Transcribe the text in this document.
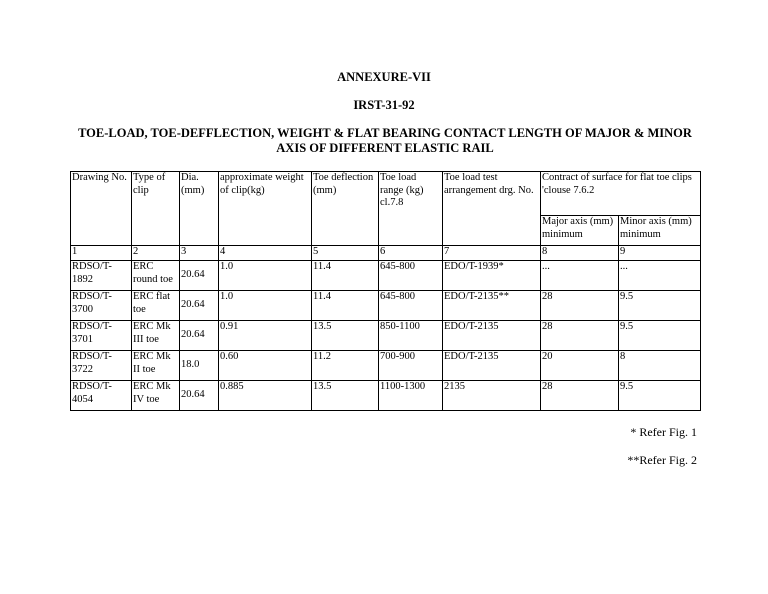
ANNEXURE-VII
IRST-31-92
TOE-LOAD, TOE-DEFFLECTION, WEIGHT & FLAT BEARING CONTACT LENGTH OF MAJOR & MINOR AXIS OF DIFFERENT ELASTIC RAIL
Drawing No.	Type of clip	Dia. (mm)	approximate weight of clip(kg)	Toe deflection (mm)	Toe load range (kg) cl.7.8	Toe load test arrangement drg. No.	Contract of surface for flat toe clips 'clouse 7.6.2	
							Major axis (mm) minimum	Minor axis (mm) minimum
1	2	3	4	5	6	7	8	9
RDSO/T-1892	ERC round toe	20.64	1.0	11.4	645-800	EDO/T-1939*	...	...
RDSO/T-3700	ERC flat toe	20.64	1.0	11.4	645-800	EDO/T-2135**	28	9.5
RDSO/T-3701	ERC Mk III toe	20.64	0.91	13.5	850-1100	EDO/T-2135	28	9.5
RDSO/T-3722	ERC Mk II toe	18.0	0.60	11.2	700-900	EDO/T-2135	20	8
RDSO/T-4054	ERC Mk IV toe	20.64	0.885	13.5	1100-1300	2135	28	9.5
* Refer Fig. 1
**Refer Fig. 2
